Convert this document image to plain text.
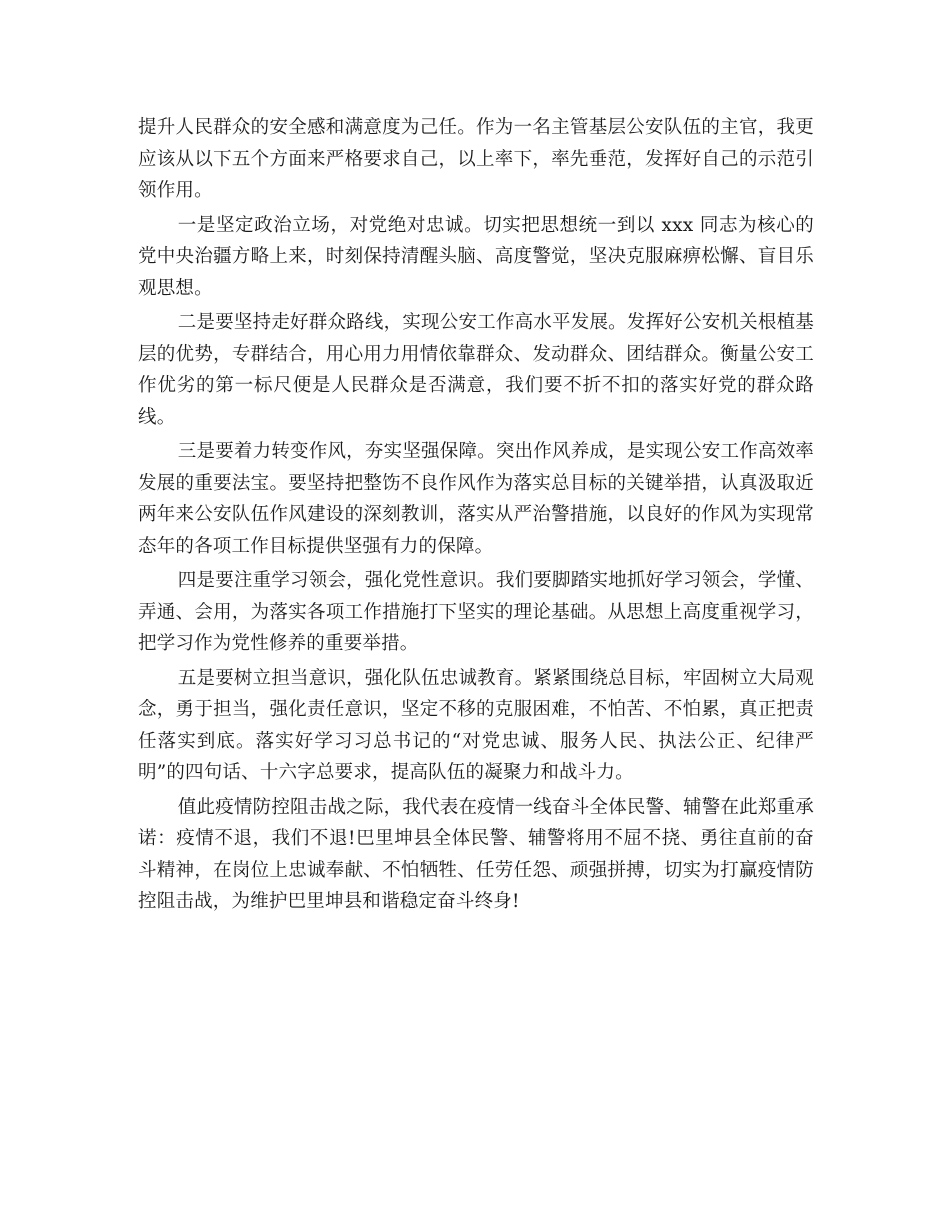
提升人民群众的安全感和满意度为己任。作为一名主管基层公安队伍的主官，我更应该从以下五个方面来严格要求自己，以上率下，率先垂范，发挥好自己的示范引领作用。

一是坚定政治立场，对党绝对忠诚。切实把思想统一到以 xxx 同志为核心的党中央治疆方略上来，时刻保持清醒头脑、高度警觉，坚决克服麻痹松懈、盲目乐观思想。

二是要坚持走好群众路线，实现公安工作高水平发展。发挥好公安机关根植基层的优势，专群结合，用心用力用情依靠群众、发动群众、团结群众。衡量公安工作优劣的第一标尺便是人民群众是否满意，我们要不折不扣的落实好党的群众路线。

三是要着力转变作风，夯实坚强保障。突出作风养成，是实现公安工作高效率发展的重要法宝。要坚持把整饬不良作风作为落实总目标的关键举措，认真汲取近两年来公安队伍作风建设的深刻教训，落实从严治警措施，以良好的作风为实现常态年的各项工作目标提供坚强有力的保障。

四是要注重学习领会，强化党性意识。我们要脚踏实地抓好学习领会，学懂、弄通、会用，为落实各项工作措施打下坚实的理论基础。从思想上高度重视学习，把学习作为党性修养的重要举措。

五是要树立担当意识，强化队伍忠诚教育。紧紧围绕总目标，牢固树立大局观念，勇于担当，强化责任意识，坚定不移的克服困难，不怕苦、不怕累，真正把责任落实到底。落实好学习习总书记的“对党忠诚、服务人民、执法公正、纪律严明”的四句话、十六字总要求，提高队伍的凝聚力和战斗力。

值此疫情防控阻击战之际，我代表在疫情一线奋斗全体民警、辅警在此郑重承诺：疫情不退，我们不退!巴里坤县全体民警、辅警将用不屈不挠、勇往直前的奋斗精神，在岗位上忠诚奉献、不怕牺牲、任劳任怨、顽强拼搏，切实为打赢疫情防控阻击战，为维护巴里坤县和谐稳定奋斗终身!
